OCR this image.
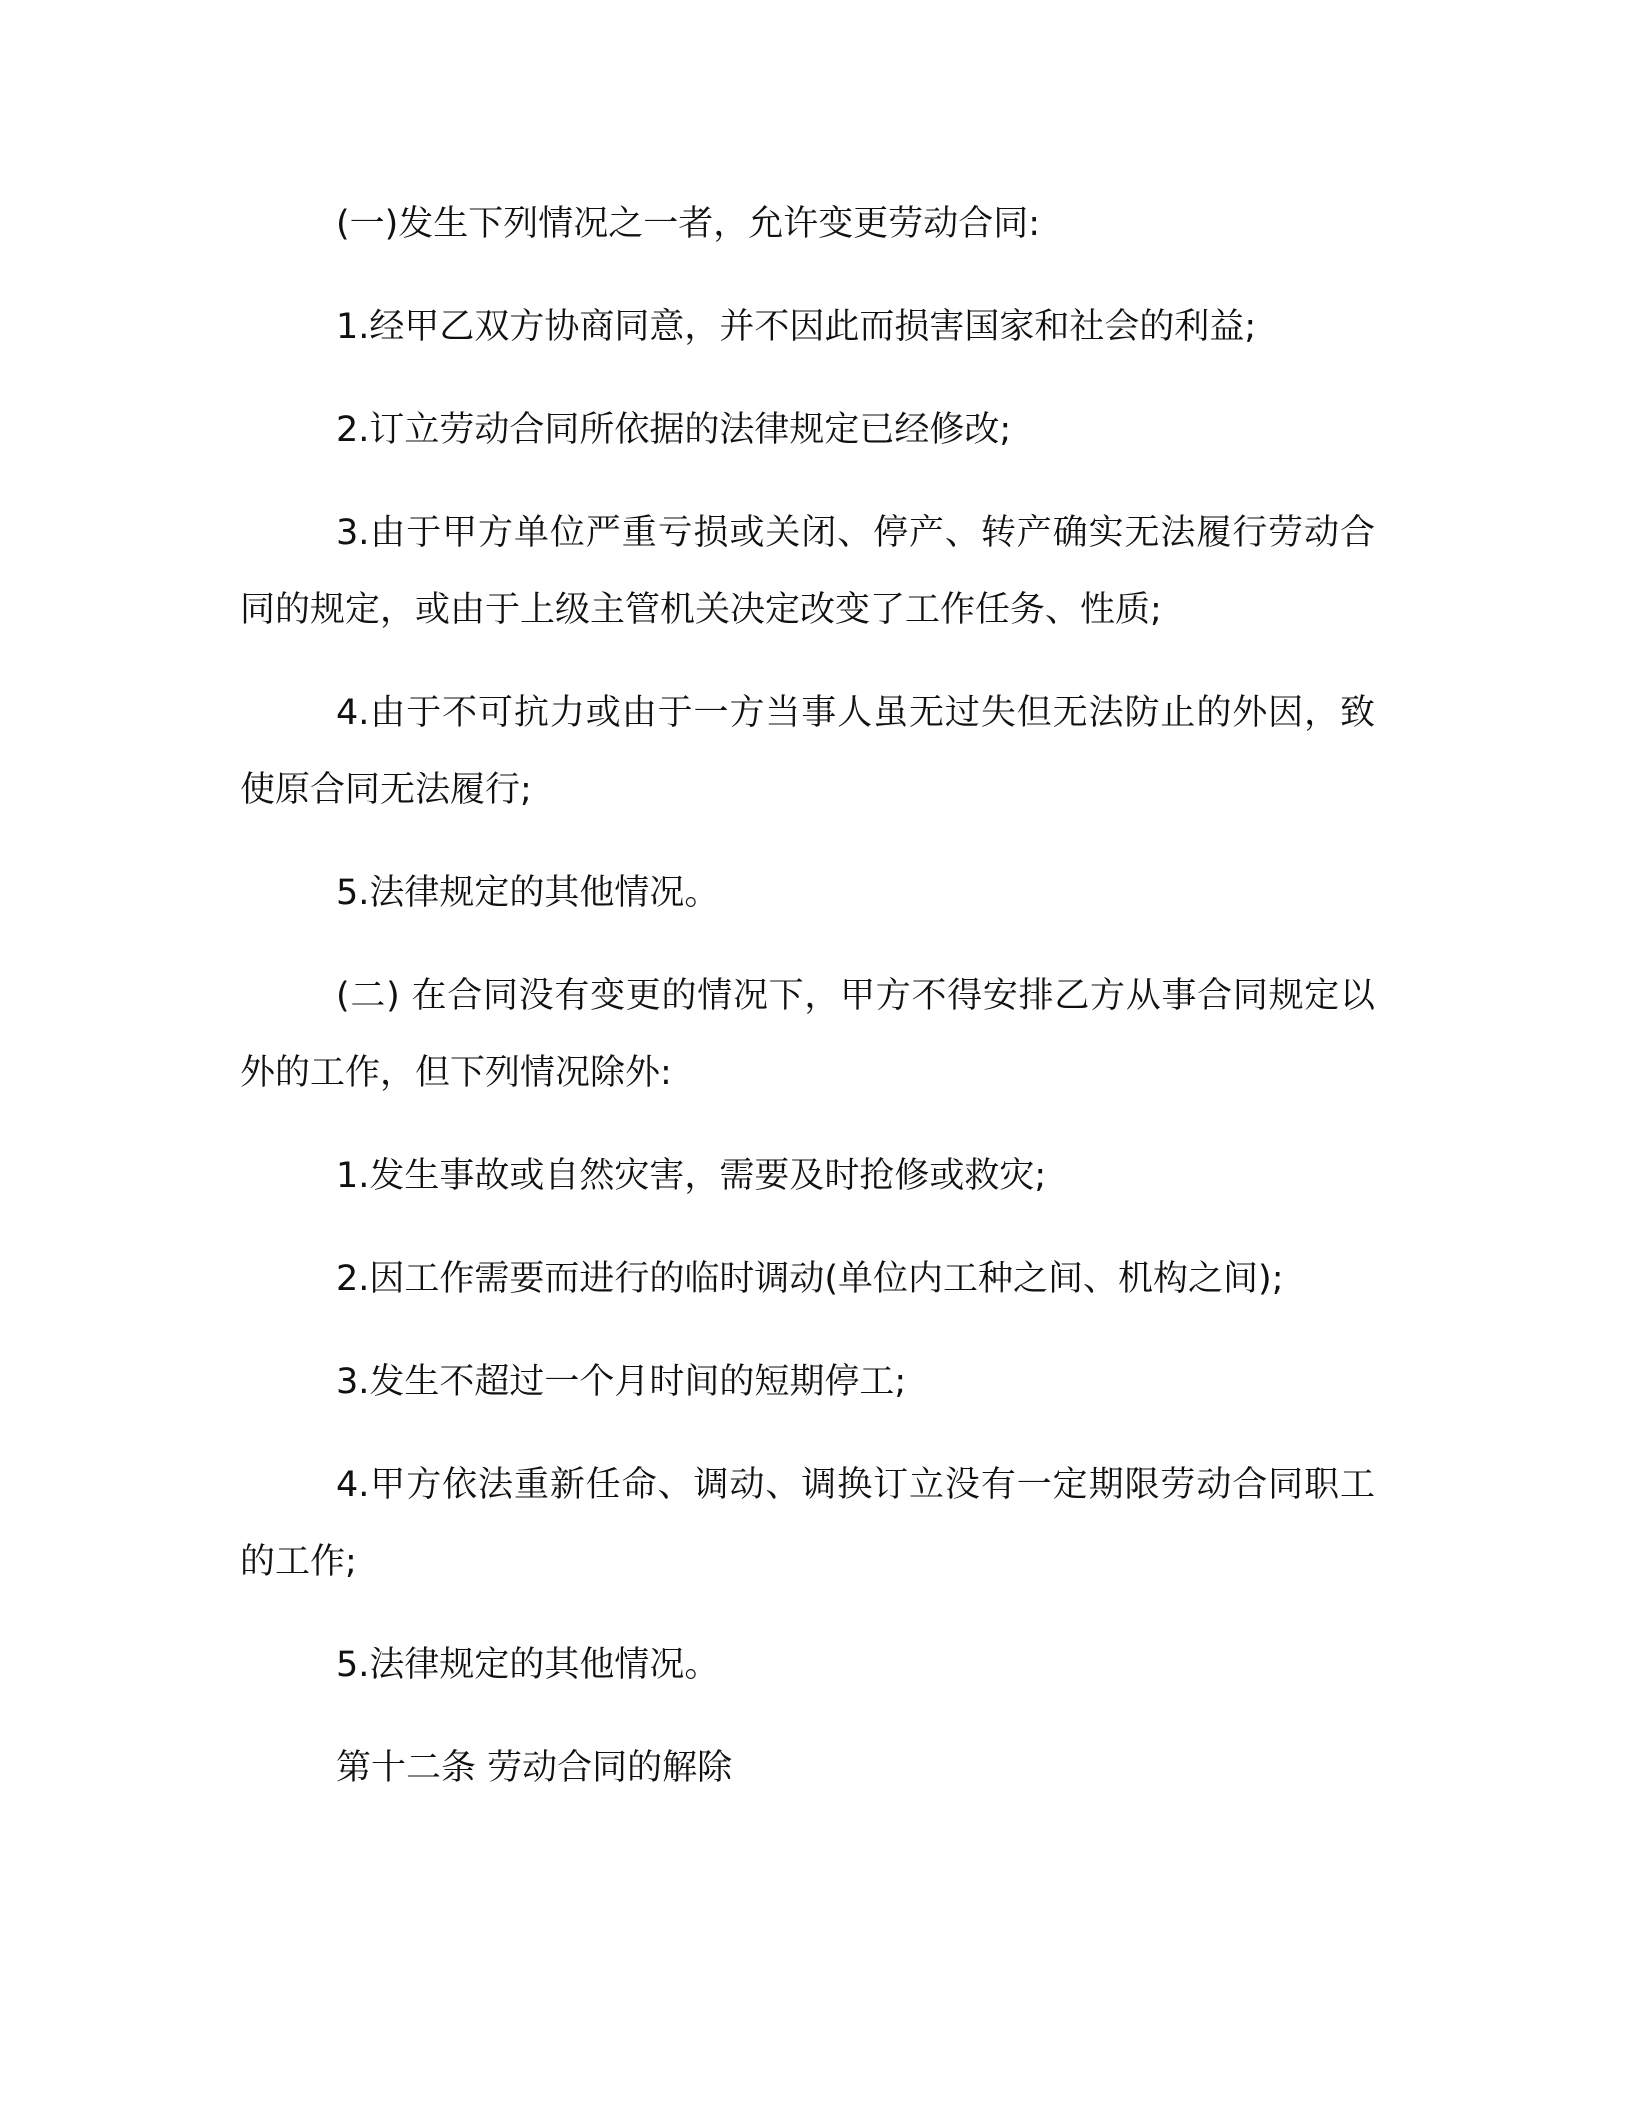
(一)发生下列情况之一者，允许变更劳动合同:

1.经甲乙双方协商同意，并不因此而损害国家和社会的利益;

2.订立劳动合同所依据的法律规定已经修改;

3.由于甲方单位严重亏损或关闭、停产、转产确实无法履行劳动合同的规定，或由于上级主管机关决定改变了工作任务、性质;

4.由于不可抗力或由于一方当事人虽无过失但无法防止的外因，致使原合同无法履行;

5.法律规定的其他情况。

(二) 在合同没有变更的情况下，甲方不得安排乙方从事合同规定以外的工作，但下列情况除外:

1.发生事故或自然灾害，需要及时抢修或救灾;

2.因工作需要而进行的临时调动(单位内工种之间、机构之间);

3.发生不超过一个月时间的短期停工;

4.甲方依法重新任命、调动、调换订立没有一定期限劳动合同职工的工作;

5.法律规定的其他情况。

第十二条 劳动合同的解除
